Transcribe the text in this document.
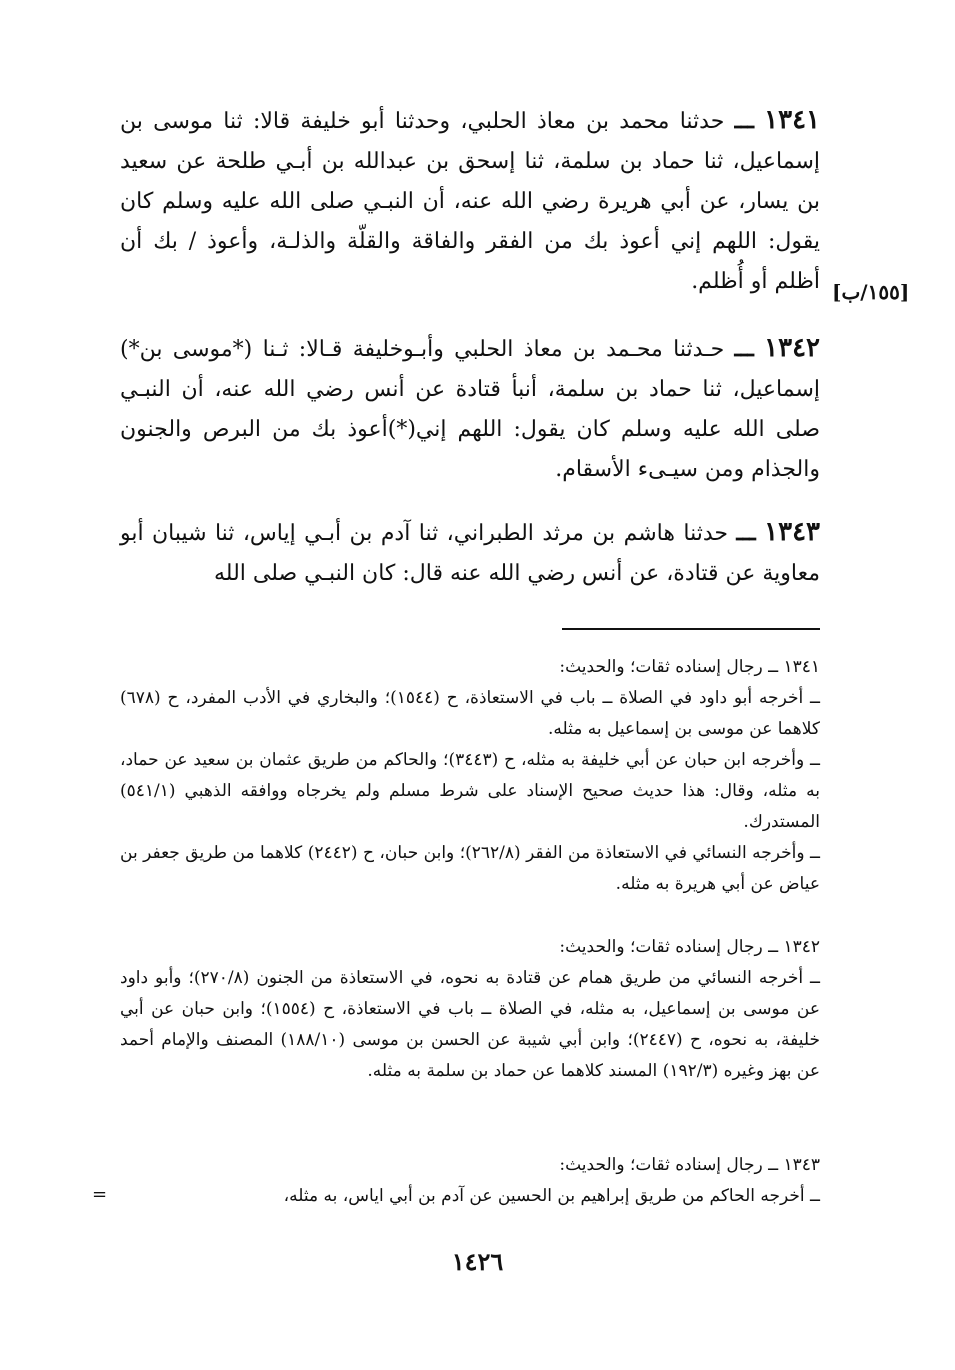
١٣٤١ ـــ حدثنا محمد بن معاذ الحلبي، وحدثنا أبو خليفة قالا: ثنا موسى بن إسماعيل، ثنا حماد بن سلمة، ثنا إسحق بن عبدالله بن أبـي طلحة عن سعيد بن يسار، عن أبي هريرة رضي الله عنه، أن النبـي صلى الله عليه وسلم كان يقول: اللهم إني أعوذ بك من الفقر والفاقة والقلّة والذلـة، وأعوذ / بك أن أظلم أو أُظلم. [١٥٥/ب]

١٣٤٢ ـــ حـدثنا محـمد بن معاذ الحلبي وأبـوخليفة قـالا: ثـنا (*موسى بن*) إسماعيل، ثنا حماد بن سلمة، أنبأ قتادة عن أنس رضي الله عنه، أن النبـي صلى الله عليه وسلم كان يقول: اللهم إني(*)أعوذ بك من البرص والجنون والجذام ومن سيـىء الأسقام.

١٣٤٣ ـــ حدثنا هاشم بن مرثد الطبراني، ثنا آدم بن أبـي إياس، ثنا شيبان أبو معاوية عن قتادة، عن أنس رضي الله عنه قال: كان النبـي صلى الله

١٣٤١ ــ رجال إسناده ثقات؛ والحديث:
ــ أخرجه أبو داود في الصلاة ــ باب في الاستعاذة، ح (١٥٤٤)؛ والبخاري في الأدب المفرد، ح (٦٧٨) كلاهما عن موسى بن إسماعيل به مثله.
ــ وأخرجه ابن حبان عن أبي خليفة به مثله، ح (٣٤٤٣)؛ والحاكم من طريق عثمان بن سعيد عن حماد، به مثله، وقال: هذا حديث صحيح الإسناد على شرط مسلم ولم يخرجاه ووافقه الذهبي (٥٤١/١) المستدرك.
ــ وأخرجه النسائي في الاستعاذة من الفقر (٢٦٢/٨)؛ وابن حبان، ح (٢٤٤٢) كلاهما من طريق جعفر بن عياض عن أبي هريرة به مثله.
١٣٤٢ ــ رجال إسناده ثقات؛ والحديث:
ــ أخرجه النسائي من طريق همام عن قتادة به نحوه، في الاستعاذة من الجنون (٢٧٠/٨)؛ وأبو داود عن موسى بن إسماعيل، به مثله، في الصلاة ــ باب في الاستعاذة، ح (١٥٥٤)؛ وابن حبان عن أبي خليفة، به نحوه، ح (٢٤٤٧)؛ وابن أبي شيبة عن الحسن بن موسى (١٨٨/١٠) المصنف والإمام أحمد عن بهز وغيره (١٩٢/٣) المسند كلاهما عن حماد بن سلمة به مثله.
١٣٤٣ ــ رجال إسناده ثقات؛ والحديث:
ــ أخرجه الحاكم من طريق إبراهيم بن الحسين عن آدم بن أبي اياس، به مثله،
=
١٤٢٦
